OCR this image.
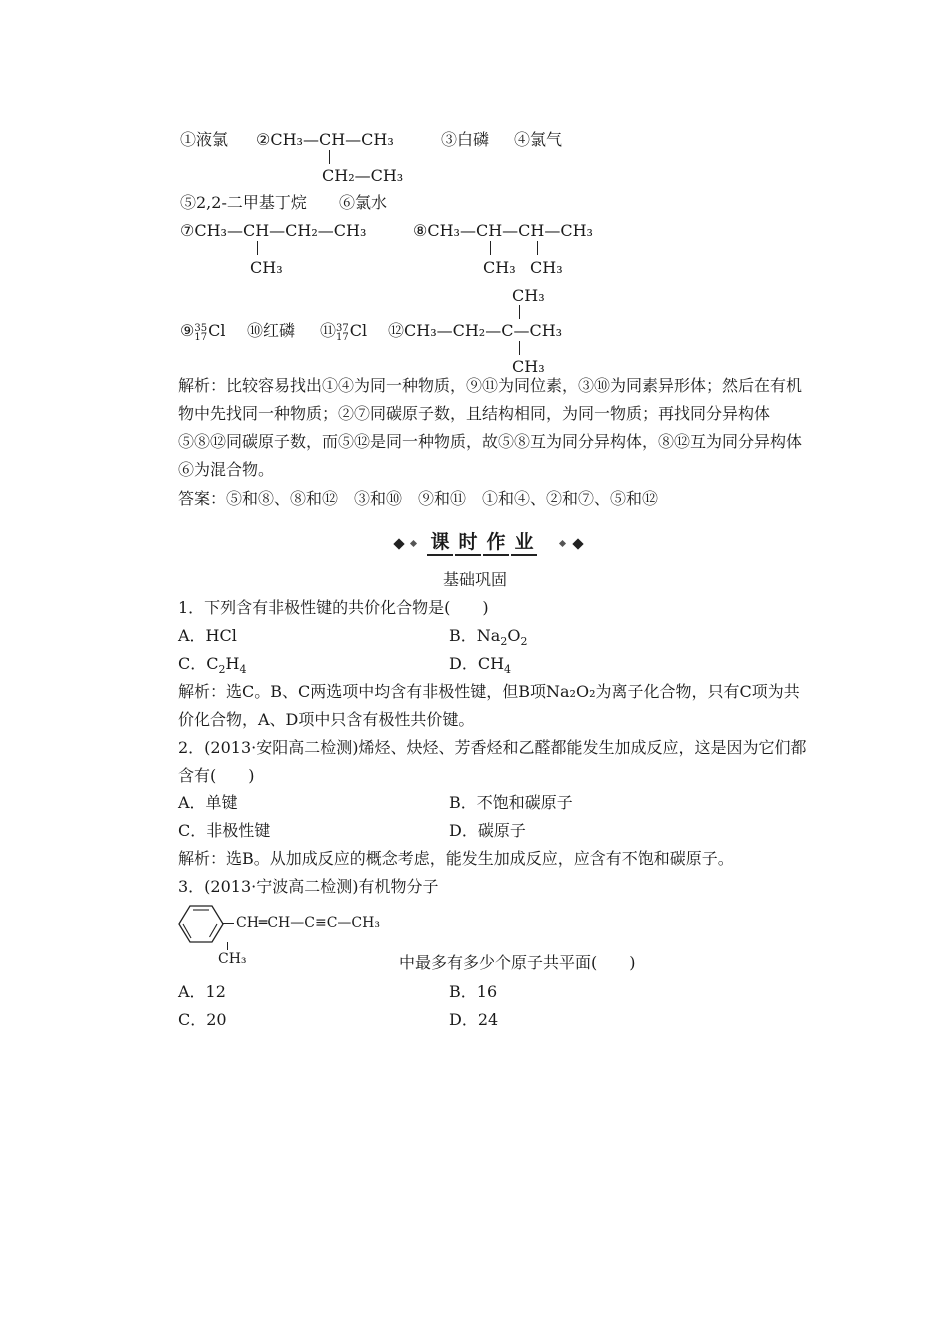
①液氯 ②CH₃—CH—CH₃
CH₂—CH₃
③白磷 ④氯气
⑤2,2-二甲基丁烷 ⑥氯水
⑦CH₃—CH—CH₂—CH₃
CH₃
⑧CH₃—CH—CH—CH₃
CH₃ CH₃
CH₃
⑨35
17Cl ⑩红磷 ⑪37
17Cl ⑫CH₃—CH₂—C—CH₃
CH₃
解析：比较容易找出①④为同一种物质，⑨⑪为同位素，③⑩为同素异形体；然后在有机物中先找同一种物质；②⑦同碳原子数，且结构相同，为同一物质；再找同分异构体⑤⑧⑫同碳原子数，而⑤⑫是同一种物质，故⑤⑧互为同分异构体，⑧⑫互为同分异构体⑥为混合物。
答案：⑤和⑧、⑧和⑫　③和⑩　⑨和⑪　①和④、②和⑦、⑤和⑫
课 时 作 业
基础巩固
1．下列含有非极性键的共价化合物是(　　)
A．HCl	B．$Na_2O_2$
C．$C_2H_4$	D．$CH_4$
解析：选C。B、C两选项中均含有非极性键，但B项Na₂O₂为离子化合物，只有C项为共价化合物，A、D项中只含有极性共价键。
2．(2013·安阳高二检测)烯烃、炔烃、芳香烃和乙醛都能发生加成反应，这是因为它们都含有(　　)
A．单键	B．不饱和碳原子
C．非极性键	D．碳原子
解析：选B。从加成反应的概念考虑，能发生加成反应，应含有不饱和碳原子。
3．(2013·宁波高二检测)有机物分子
CH═CH—C≡C—CH₃
CH₃	中最多有多少个原子共平面(　　)
A．12	B．16
C．20	D．24
